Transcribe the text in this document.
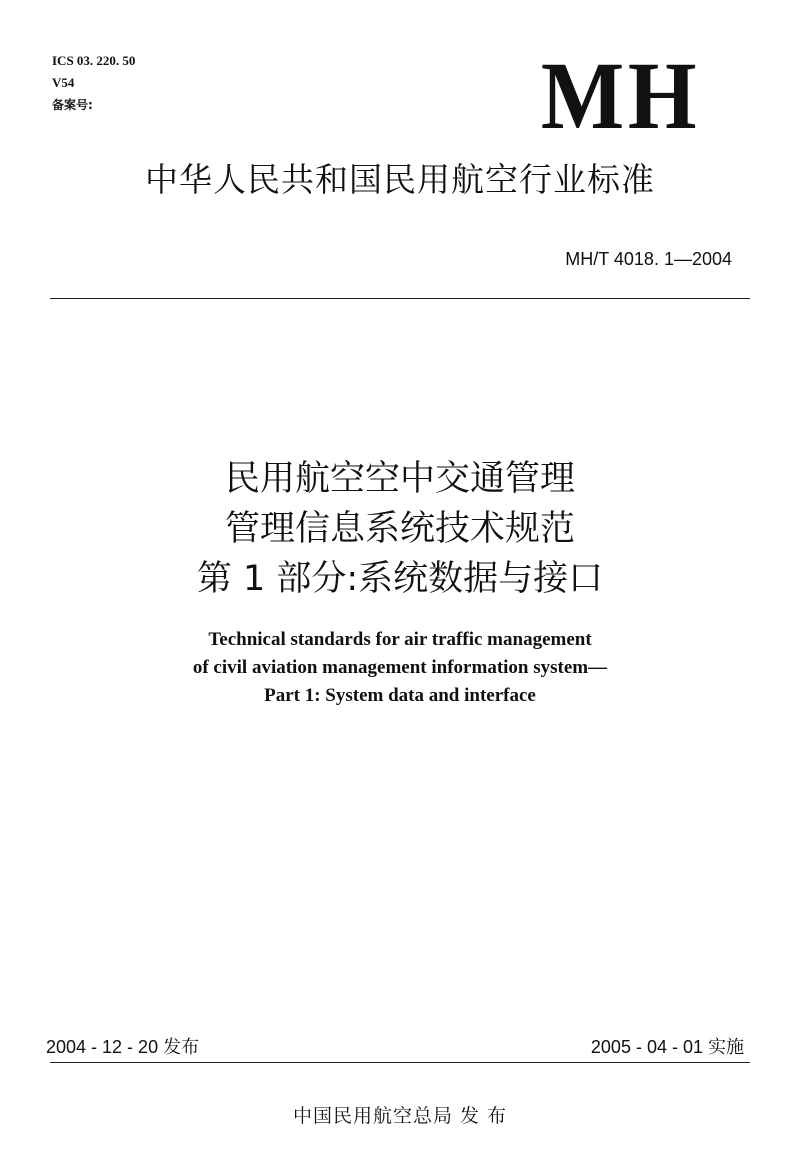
ICS 03. 220. 50
V54
备案号:	MH
中华人民共和国民用航空行业标准
MH/T 4018. 1—2004
民用航空空中交通管理
管理信息系统技术规范
第 1 部分:系统数据与接口
Technical standards for air traffic management
of civil aviation management information system—
Part 1: System data and interface
2004 - 12 - 20 发布	2005 - 04 - 01 实施
中国民用航空总局 发 布
